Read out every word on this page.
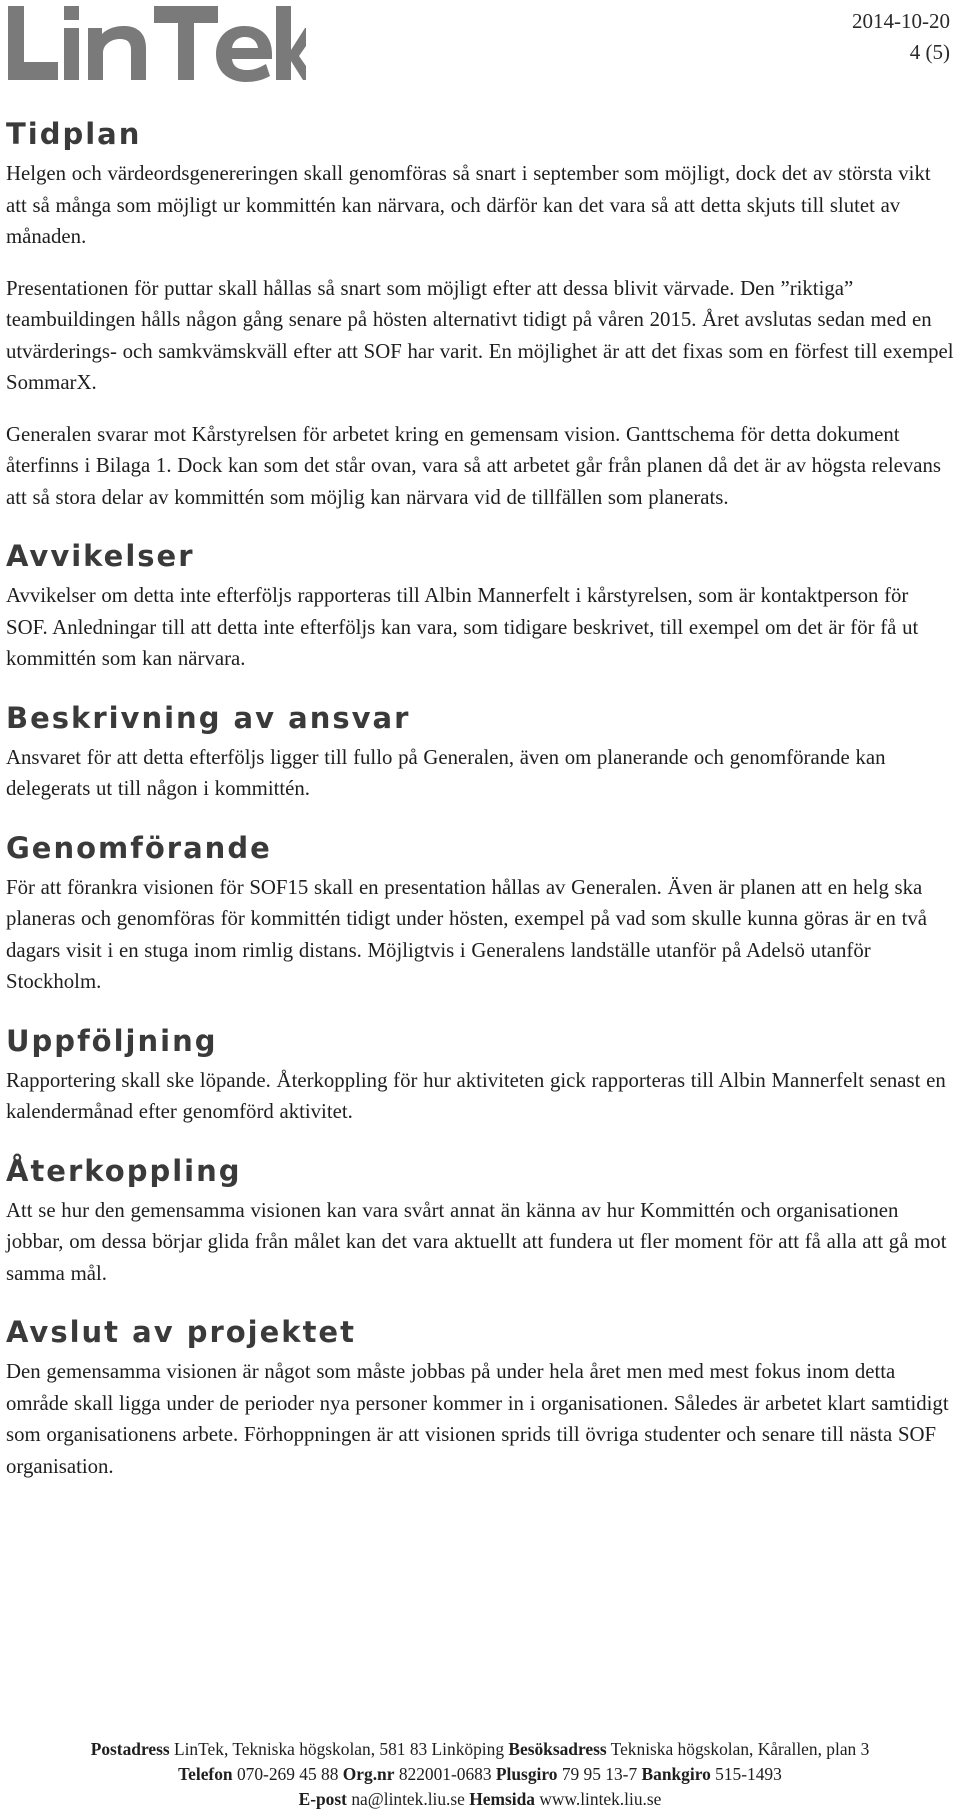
2014-10-20
4 (5)
Tidplan

Helgen och värdeordsgenereringen skall genomföras så snart i september som möjligt, dock det av största vikt att så många som möjligt ur kommittén kan närvara, och därför kan det vara så att detta skjuts till slutet av månaden.

Presentationen för puttar skall hållas så snart som möjligt efter att dessa blivit värvade. Den ”riktiga” teambuildingen hålls någon gång senare på hösten alternativt tidigt på våren 2015. Året avslutas sedan med en utvärderings- och samkvämskväll efter att SOF har varit. En möjlighet är att det fixas som en förfest till exempel SommarX.

Generalen svarar mot Kårstyrelsen för arbetet kring en gemensam vision. Ganttschema för detta dokument återfinns i Bilaga 1. Dock kan som det står ovan, vara så att arbetet går från planen då det är av högsta relevans att så stora delar av kommittén som möjlig kan närvara vid de tillfällen som planerats.

Avvikelser

Avvikelser om detta inte efterföljs rapporteras till Albin Mannerfelt i kårstyrelsen, som är kontaktperson för SOF. Anledningar till att detta inte efterföljs kan vara, som tidigare beskrivet, till exempel om det är för få ut kommittén som kan närvara.

Beskrivning av ansvar

Ansvaret för att detta efterföljs ligger till fullo på Generalen, även om planerande och genomförande kan delegerats ut till någon i kommittén.

Genomförande

För att förankra visionen för SOF15 skall en presentation hållas av Generalen. Även är planen att en helg ska planeras och genomföras för kommittén tidigt under hösten, exempel på vad som skulle kunna göras är en två dagars visit i en stuga inom rimlig distans. Möjligtvis i Generalens landställe utanför på Adelsö utanför Stockholm.

Uppföljning

Rapportering skall ske löpande. Återkoppling för hur aktiviteten gick rapporteras till Albin Mannerfelt senast en kalendermånad efter genomförd aktivitet.

Återkoppling

Att se hur den gemensamma visionen kan vara svårt annat än känna av hur Kommittén och organisationen jobbar, om dessa börjar glida från målet kan det vara aktuellt att fundera ut fler moment för att få alla att gå mot samma mål.

Avslut av projektet

Den gemensamma visionen är något som måste jobbas på under hela året men med mest fokus inom detta område skall ligga under de perioder nya personer kommer in i organisationen. Således är arbetet klart samtidigt som organisationens arbete. Förhoppningen är att visionen sprids till övriga studenter och senare till nästa SOF organisation.

Postadress LinTek, Tekniska högskolan, 581 83 Linköping Besöksadress Tekniska högskolan, Kårallen, plan 3
Telefon 070-269 45 88 Org.nr 822001-0683 Plusgiro 79 95 13-7 Bankgiro 515-1493
E-post na@lintek.liu.se Hemsida www.lintek.liu.se
